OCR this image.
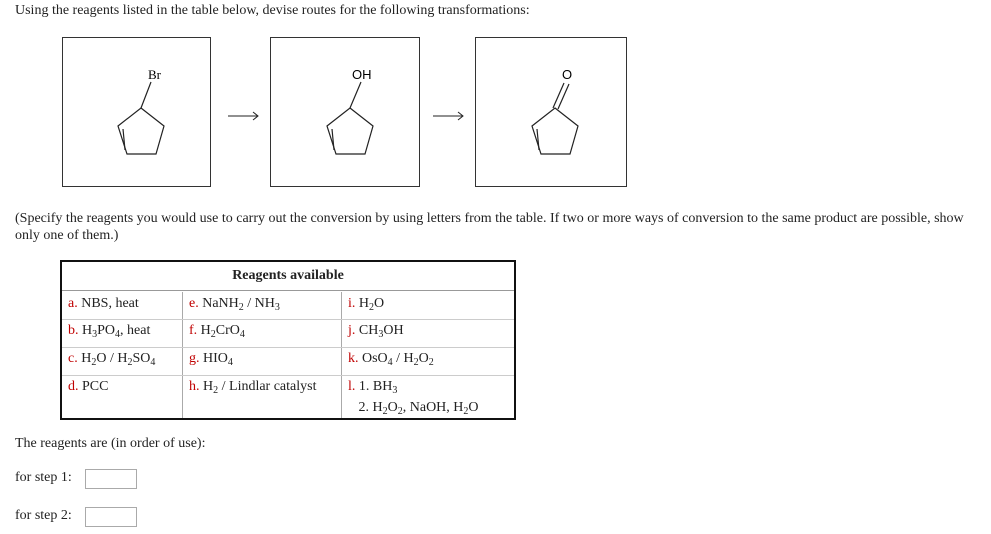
Using the reagents listed in the table below, devise routes for the following transformations:
Br	OH	O
(Specify the reagents you would use to carry out the conversion by using letters from the table. If two or more ways of conversion to the same product are possible, show only one of them.)
Reagents available
a. NBS, heat
b. $H_3PO_4$, heat
c. $H_2O / H_2SO_4$
d. PCC
e. NaNH$_2$ / $NH_3$
f. $H_2CrO_4$
g. $HIO_4$
h. $H_2$ / Lindlar catalyst
i. $H_2O$
j. $CH_3OH$
k. $OsO_4 / H_2O_2$
l. 1. $BH_3$
2. $H_2O_2$, NaOH, $H_2O$
The reagents are (in order of use):
for step 1:
for step 2:
